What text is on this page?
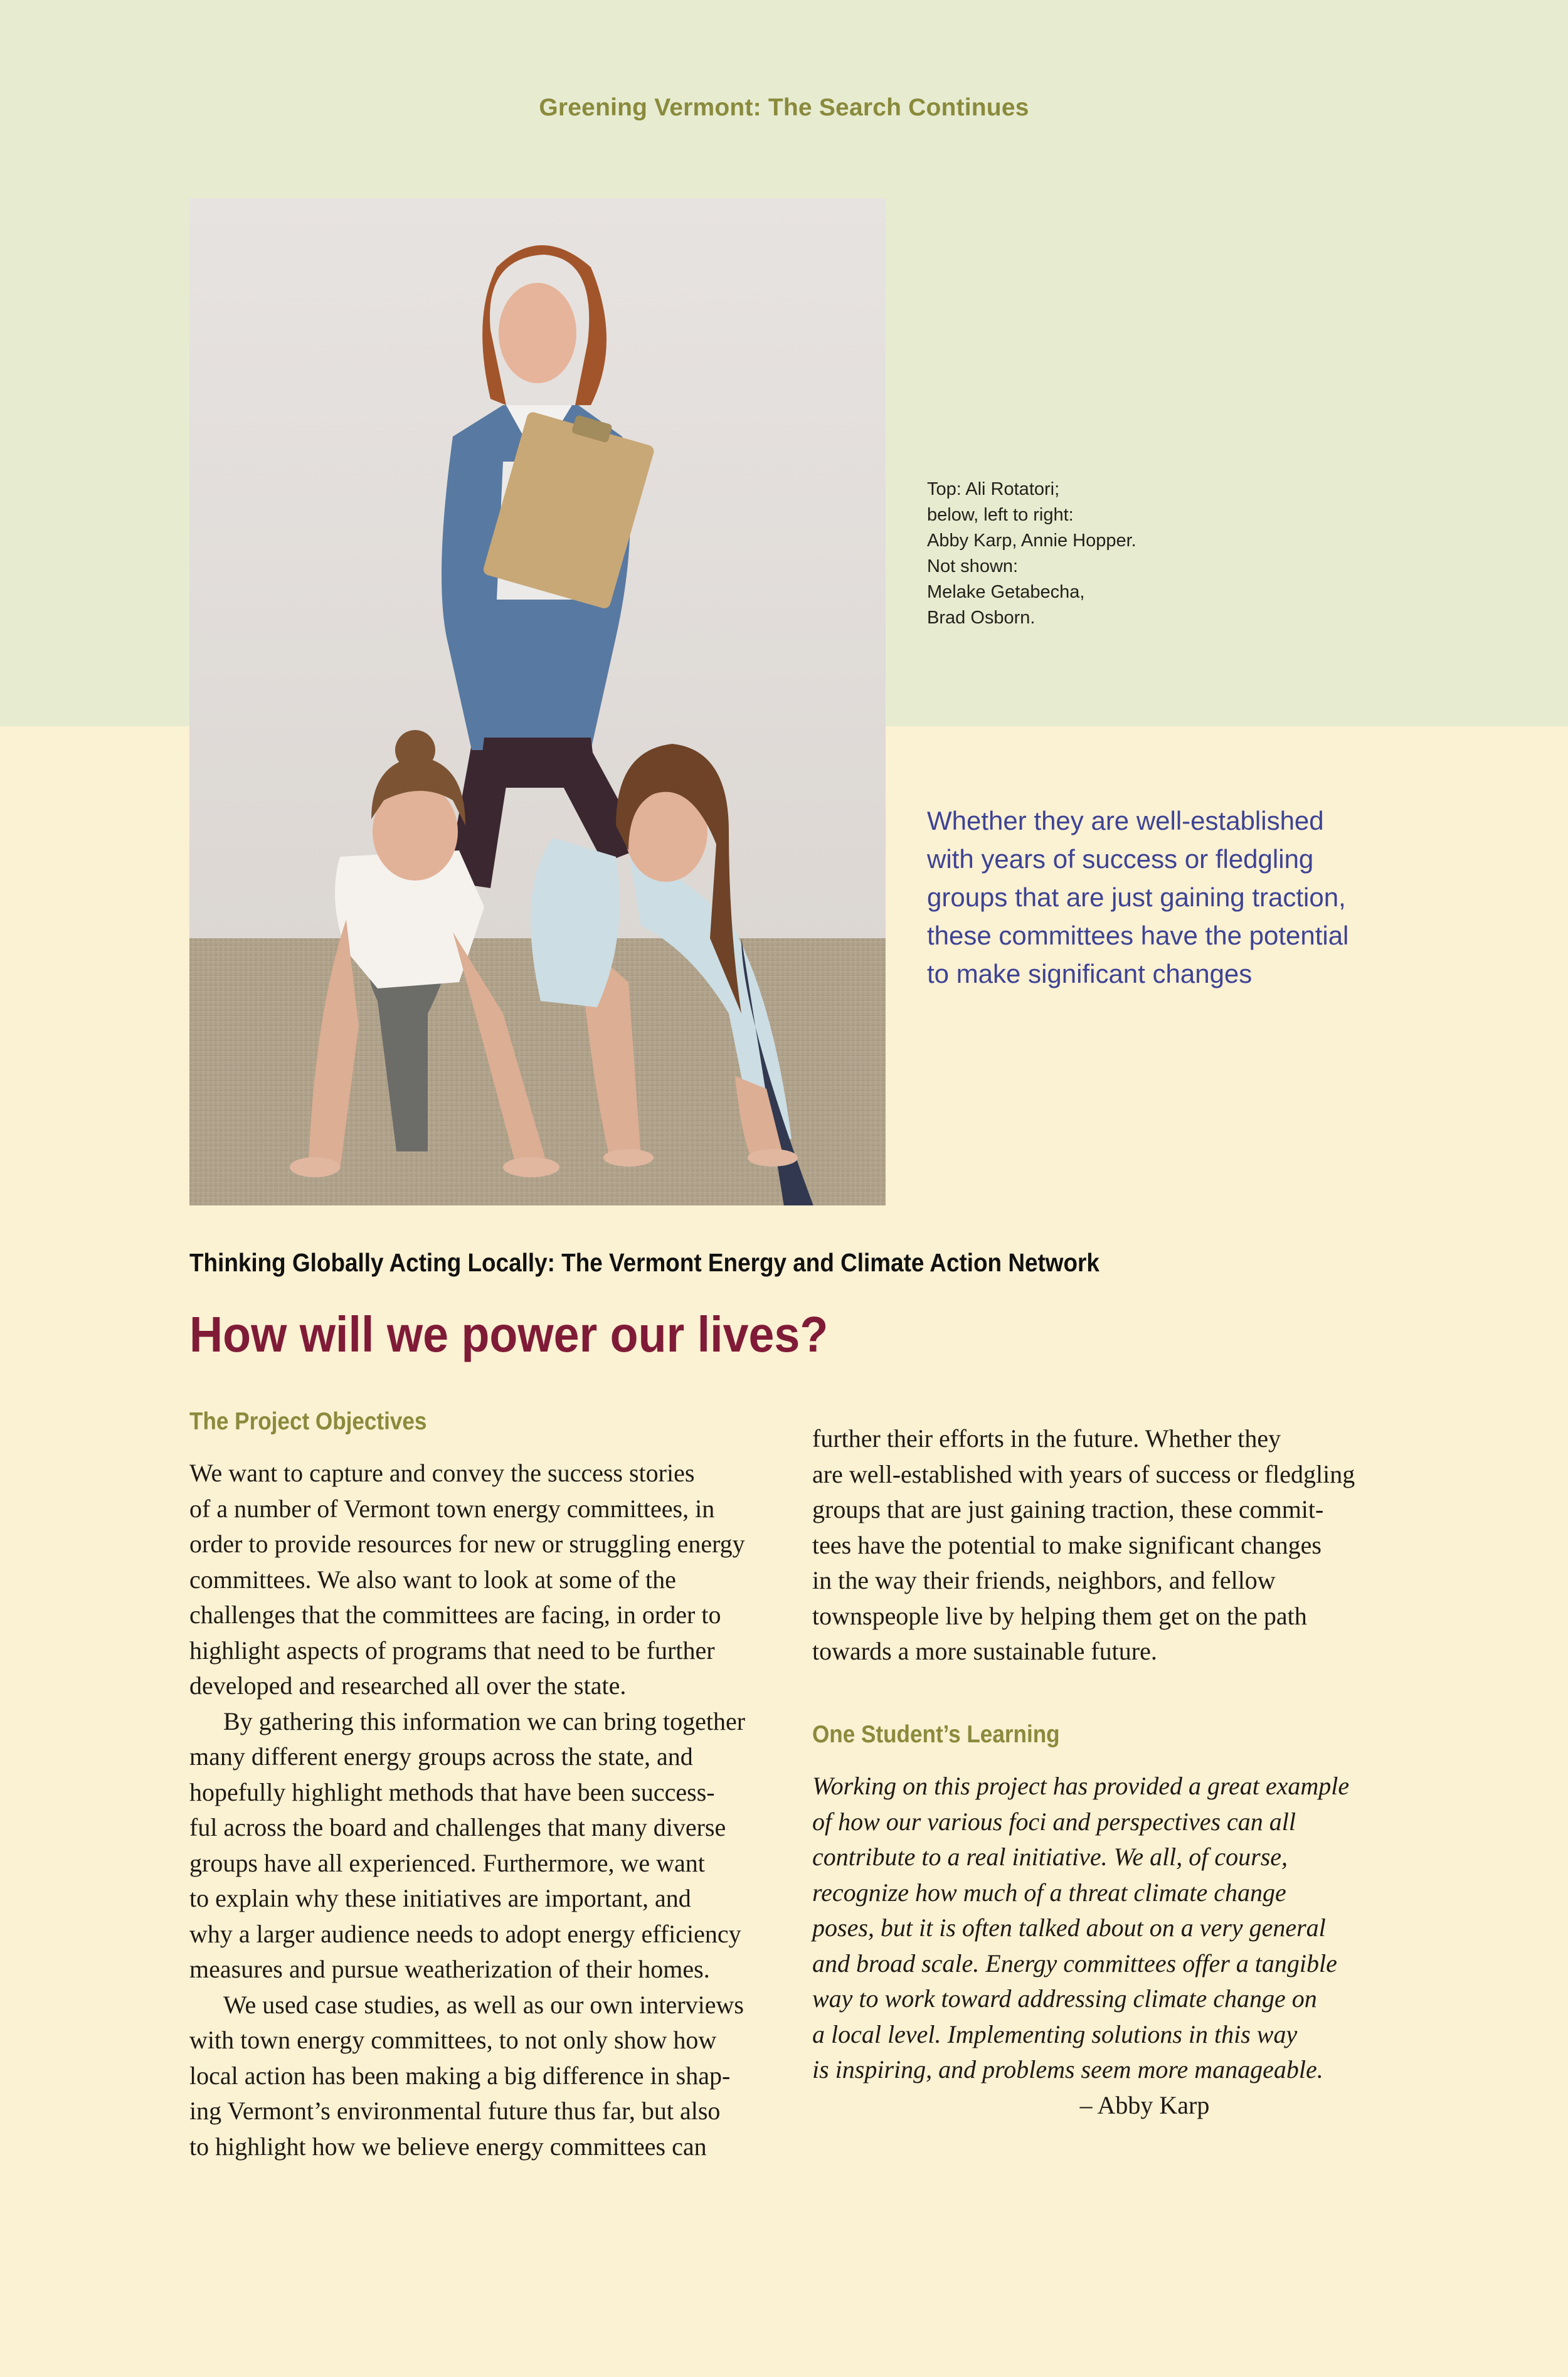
Greening Vermont: The Search Continues
Top: Ali Rotatori;
below, left to right:
Abby Karp, Annie Hopper.
Not shown:
Melake Getabecha,
Brad Osborn.
Whether they are well-established
with years of success or fledgling
groups that are just gaining traction,
these committees have the potential
to make significant changes
Thinking Globally Acting Locally: The Vermont Energy and Climate Action Network
How will we power our lives?
The Project Objectives
We want to capture and convey the success stories
of a number of Vermont town energy committees, in
order to provide resources for new or struggling energy
committees. We also want to look at some of the
challenges that the committees are facing, in order to
highlight aspects of programs that need to be further
developed and researched all over the state.
By gathering this information we can bring together
many different energy groups across the state, and
hopefully highlight methods that have been success-
ful across the board and challenges that many diverse
groups have all experienced. Furthermore, we want
to explain why these initiatives are important, and
why a larger audience needs to adopt energy efficiency
measures and pursue weatherization of their homes.
We used case studies, as well as our own interviews
with town energy committees, to not only show how
local action has been making a big difference in shap-
ing Vermont’s environmental future thus far, but also
to highlight how we believe energy committees can
further their efforts in the future. Whether they
are well-established with years of success or fledgling
groups that are just gaining traction, these commit-
tees have the potential to make significant changes
in the way their friends, neighbors, and fellow
townspeople live by helping them get on the path
towards a more sustainable future.
One Student’s Learning
Working on this project has provided a great example
of how our various foci and perspectives can all
contribute to a real initiative. We all, of course,
recognize how much of a threat climate change
poses, but it is often talked about on a very general
and broad scale. Energy committees offer a tangible
way to work toward addressing climate change on
a local level. Implementing solutions in this way
is inspiring, and problems seem more manageable.
– Abby Karp
